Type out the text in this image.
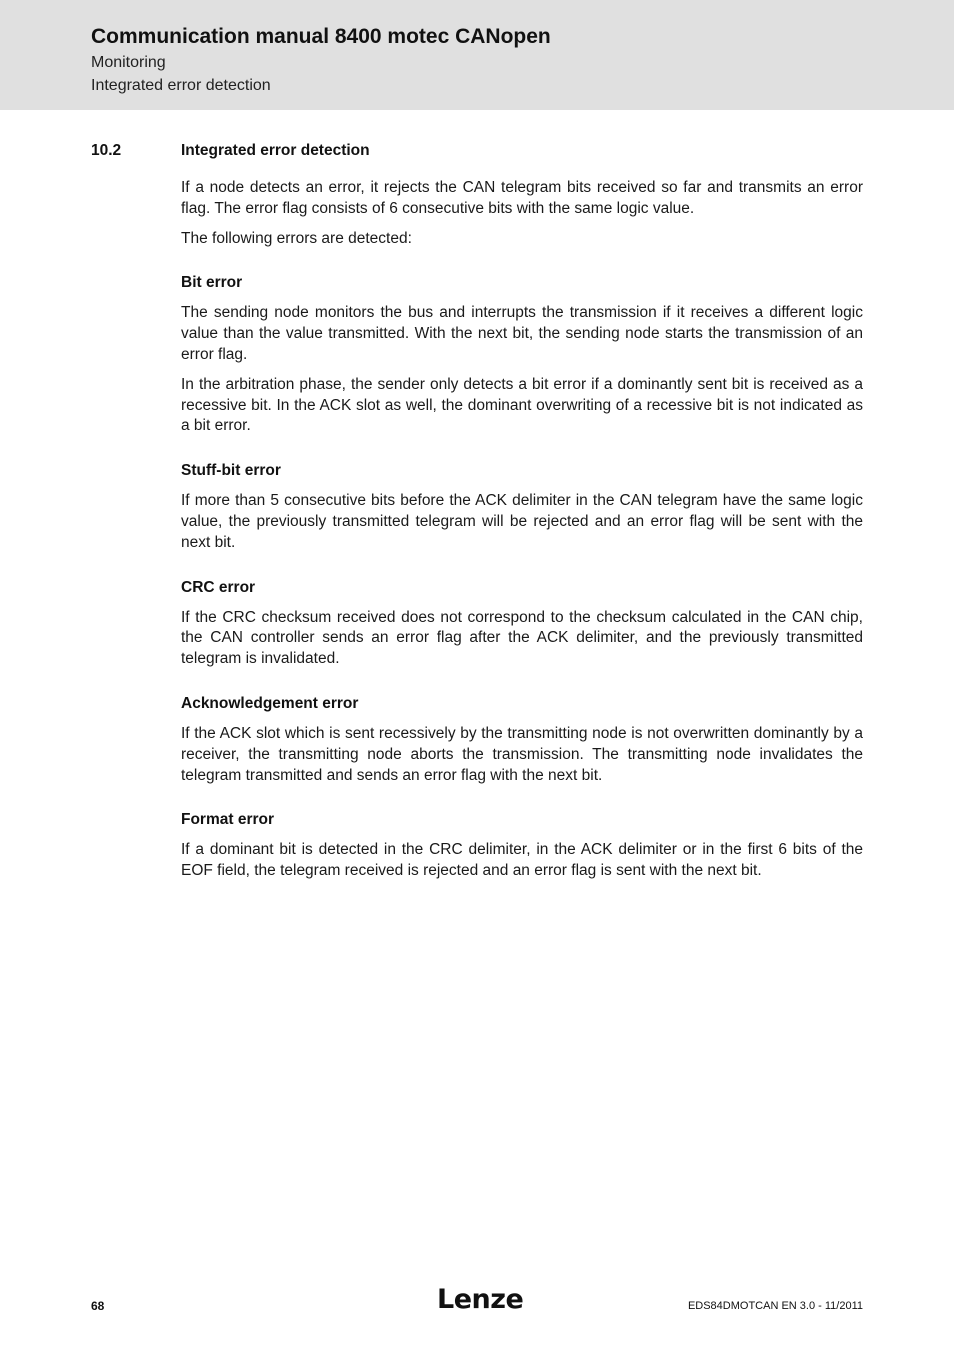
Communication manual 8400 motec CANopen
Monitoring
Integrated error detection
10.2	Integrated error detection

If a node detects an error, it rejects the CAN telegram bits received so far and transmits an error flag. The error flag consists of 6 consecutive bits with the same logic value.

The following errors are detected:

Bit error

The sending node monitors the bus and interrupts the transmission if it receives a different logic value than the value transmitted. With the next bit, the sending node starts the transmission of an error flag.

In the arbitration phase, the sender only detects a bit error if a dominantly sent bit is received as a recessive bit. In the ACK slot as well, the dominant overwriting of a recessive bit is not indicated as a bit error.

Stuff-bit error

If more than 5 consecutive bits before the ACK delimiter in the CAN telegram have the same logic value, the previously transmitted telegram will be rejected and an error flag will be sent with the next bit.

CRC error

If the CRC checksum received does not correspond to the checksum calculated in the CAN chip, the CAN controller sends an error flag after the ACK delimiter, and the previously transmitted telegram is invalidated.

Acknowledgement error

If the ACK slot which is sent recessively by the transmitting node is not overwritten dominantly by a receiver, the transmitting node aborts the transmission. The transmitting node invalidates the telegram transmitted and sends an error flag with the next bit.

Format error

If a dominant bit is detected in the CRC delimiter, in the ACK delimiter or in the first 6 bits of the EOF field, the telegram received is rejected and an error flag is sent with the next bit.

68	Lenze	EDS84DMOTCAN EN 3.0 - 11/2011
